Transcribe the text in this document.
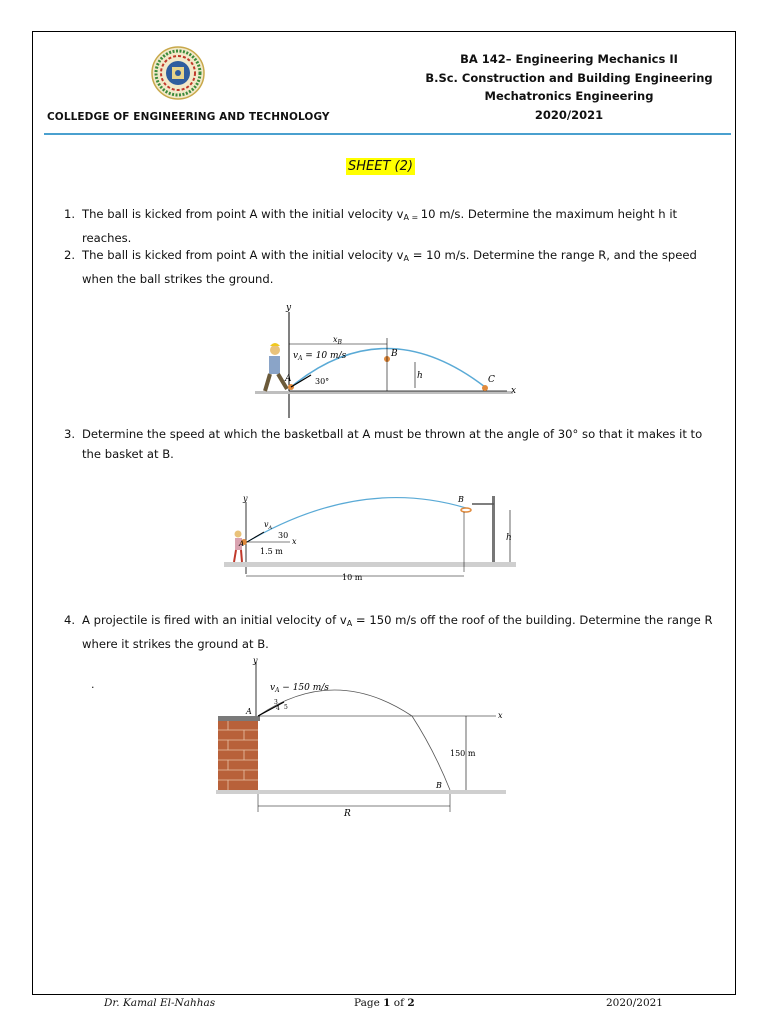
COLLEDGE OF ENGINEERING AND TECHNOLOGY
BA 142– Engineering Mechanics II
B.Sc. Construction and Building Engineering
Mechatronics Engineering
2020/2021
SHEET (2)
1. The ball is kicked from point A with the initial velocity $v_{A =}$ 10 m/s. Determine the maximum height h it reaches.
2. The ball is kicked from point A with the initial velocity $v_A = 10$ m/s. Determine the range R, and the speed when the ball strikes the ground.
y
x
30°
$v_A = 10$ m/s
A
B
C
$x_B$
h
3. Determine the speed at which the basketball at A must be thrown at the angle of 30° so that it makes it to the basket at B.
y
x
$v_A$
30
A
1.5 m
B
10 m
h
4. A projectile is fired with an initial velocity of $v_A = 150$ m/s off the roof of the building. Determine the range R where it strikes the ground at B.
.
y
x
$v_A - 150$ m/s
3
4 5
A
B
150 m
R
Dr. Kamal El-Nahhas	Page 1 of 2	2020/2021
